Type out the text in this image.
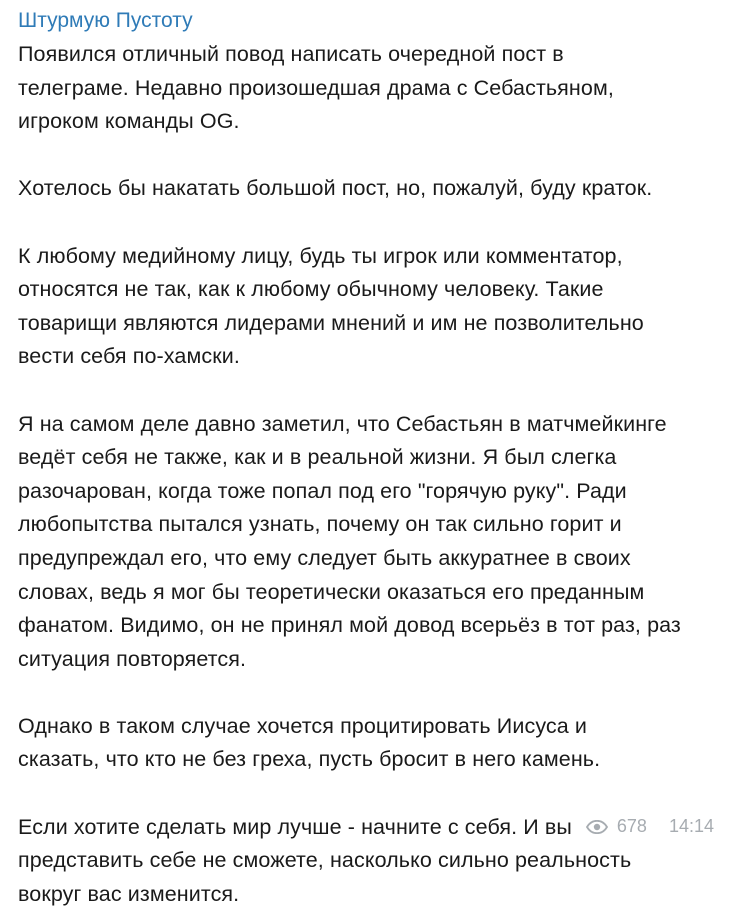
Штурмую Пустоту

Появился отличный повод написать очередной пост в
телеграме. Недавно произошедшая драма с Себастьяном,
игроком команды OG.

Хотелось бы накатать большой пост, но, пожалуй, буду краток.

К любому медийному лицу, будь ты игрок или комментатор,
относятся не так, как к любому обычному человеку. Такие
товарищи являются лидерами мнений и им не позволительно
вести себя по-хамски.

Я на самом деле давно заметил, что Себастьян в матчмейкинге
ведёт себя не также, как и в реальной жизни. Я был слегка
разочарован, когда тоже попал под его "горячую руку". Ради
любопытства пытался узнать, почему он так сильно горит и
предупреждал его, что ему следует быть аккуратнее в своих
словах, ведь я мог бы теоретически оказаться его преданным
фанатом. Видимо, он не принял мой довод всерьёз в тот раз, раз
ситуация повторяется.

Однако в таком случае хочется процитировать Иисуса и
сказать, что кто не без греха, пусть бросит в него камень.

Если хотите сделать мир лучше - начните с себя. И вы
представить себе не сможете, насколько сильно реальность
вокруг вас изменится.

678 14:14
